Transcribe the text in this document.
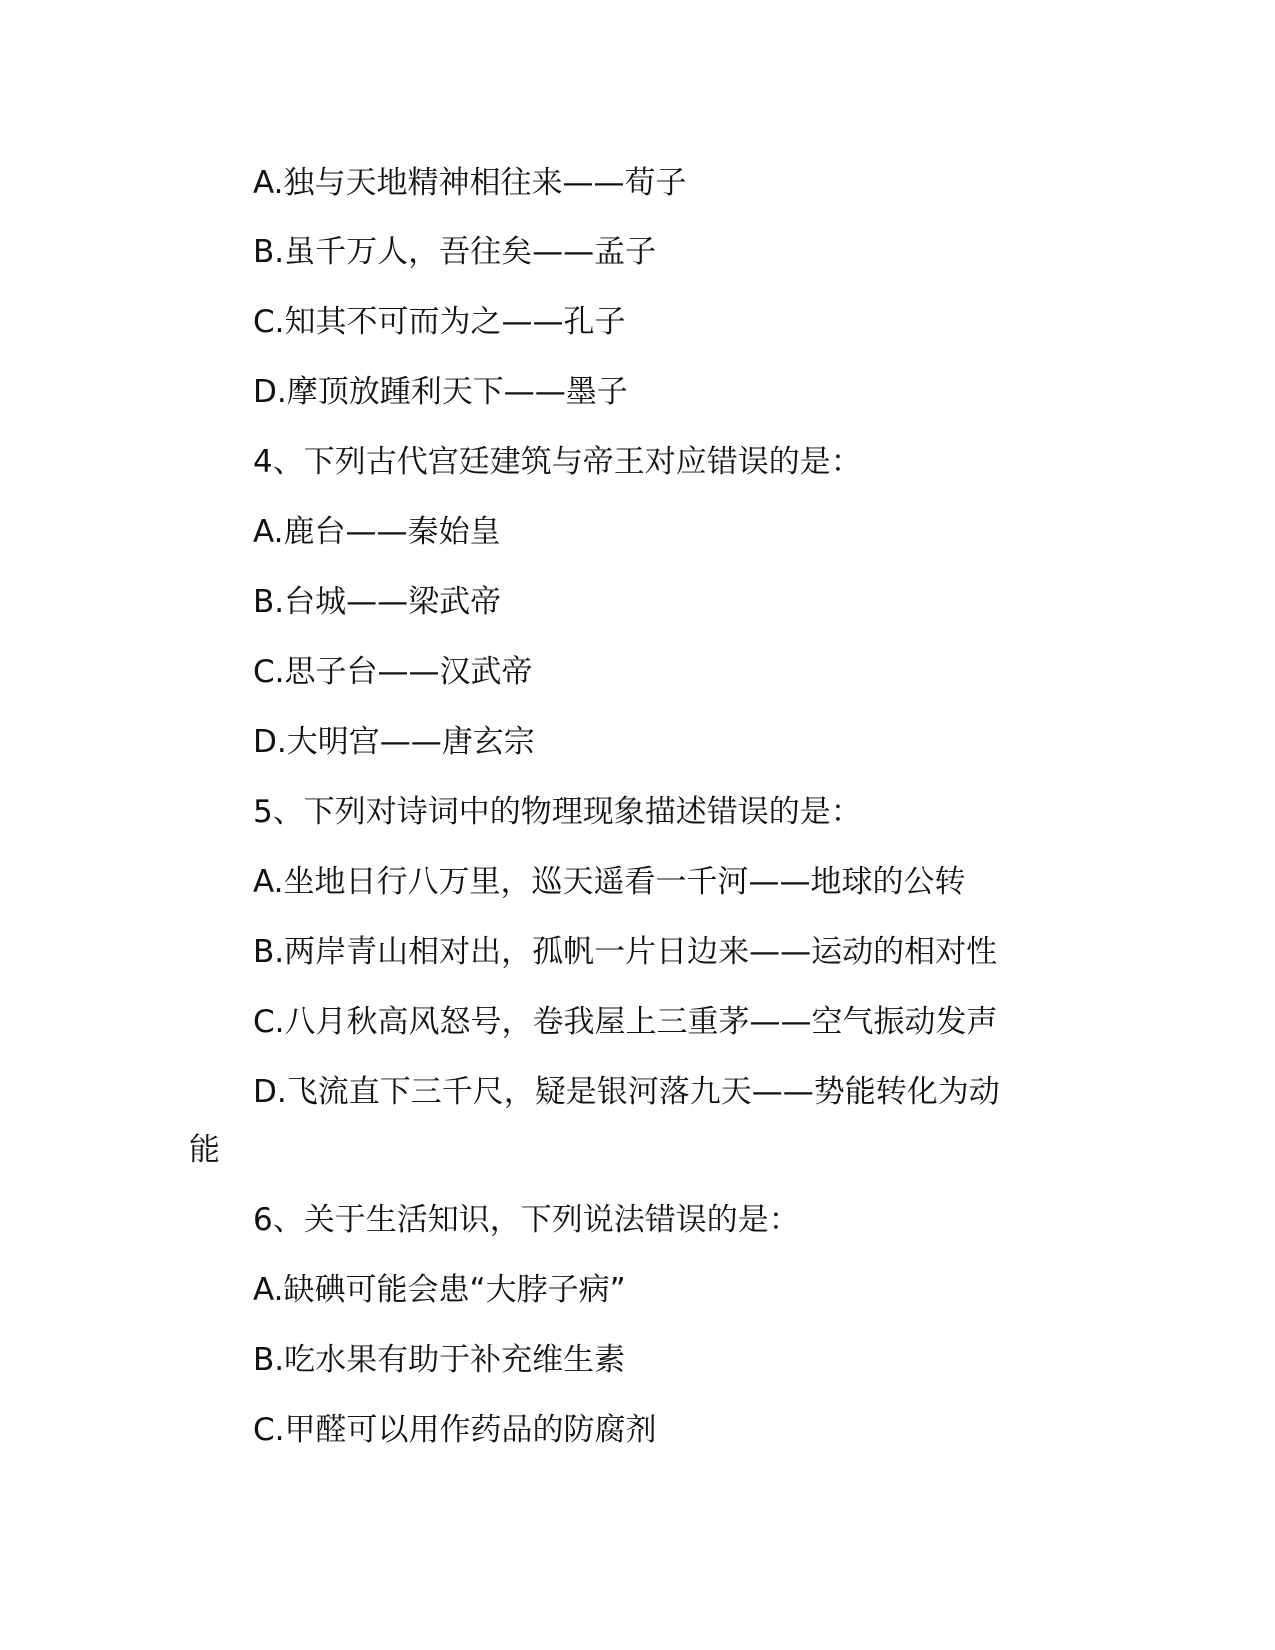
A.独与天地精神相往来——荀子
B.虽千万人，吾往矣——孟子
C.知其不可而为之——孔子
D.摩顶放踵利天下——墨子
4、下列古代宫廷建筑与帝王对应错误的是：
A.鹿台——秦始皇
B.台城——梁武帝
C.思子台——汉武帝
D.大明宫——唐玄宗
5、下列对诗词中的物理现象描述错误的是：
A.坐地日行八万里，巡天遥看一千河——地球的公转
B.两岸青山相对出，孤帆一片日边来——运动的相对性
C.八月秋高风怒号，卷我屋上三重茅——空气振动发声
D.飞流直下三千尺，疑是银河落九天——势能转化为动
能
6、关于生活知识，下列说法错误的是：
A.缺碘可能会患“大脖子病”
B.吃水果有助于补充维生素
C.甲醛可以用作药品的防腐剂
